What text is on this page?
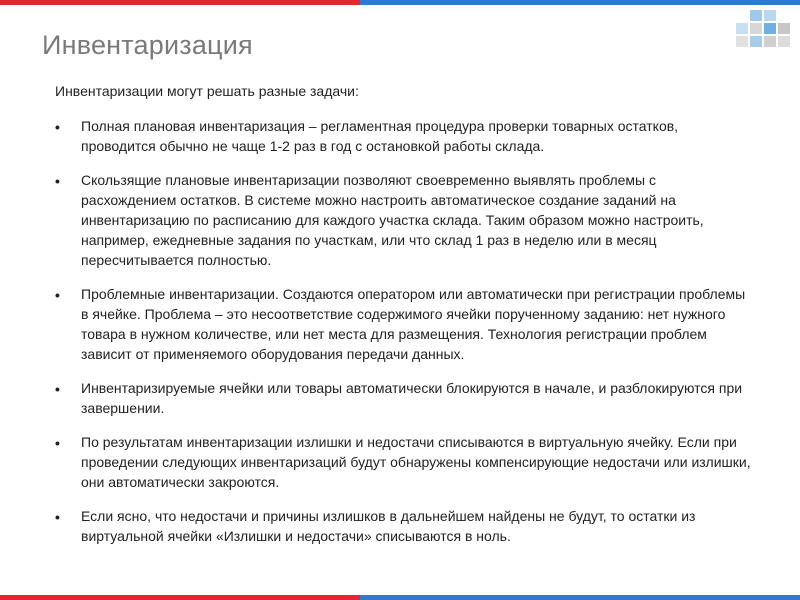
Инвентаризация
Инвентаризации могут решать разные задачи:
• Полная плановая инвентаризация – регламентная процедура проверки товарных остатков, проводится обычно не чаще 1-2 раз в год с остановкой работы склада.
• Скользящие плановые инвентаризации позволяют своевременно выявлять проблемы с расхождением остатков. В системе можно настроить автоматическое создание заданий на инвентаризацию по расписанию для каждого участка склада. Таким образом можно настроить, например, ежедневные задания по участкам, или что склад 1 раз в неделю или в месяц пересчитывается полностью.
• Проблемные инвентаризации. Создаются оператором или автоматически при регистрации проблемы в ячейке. Проблема – это несоответствие содержимого ячейки порученному заданию: нет нужного товара в нужном количестве, или нет места для размещения. Технология регистрации проблем зависит от применяемого оборудования передачи данных.
• Инвентаризируемые ячейки или товары автоматически блокируются в начале, и разблокируются при завершении.
• По результатам инвентаризации излишки и недостачи списываются в виртуальную ячейку. Если при проведении следующих инвентаризаций будут обнаружены компенсирующие недостачи или излишки, они автоматически закроются.
• Если ясно, что недостачи и причины излишков в дальнейшем найдены не будут, то остатки из виртуальной ячейки «Излишки и недостачи» списываются в ноль.
